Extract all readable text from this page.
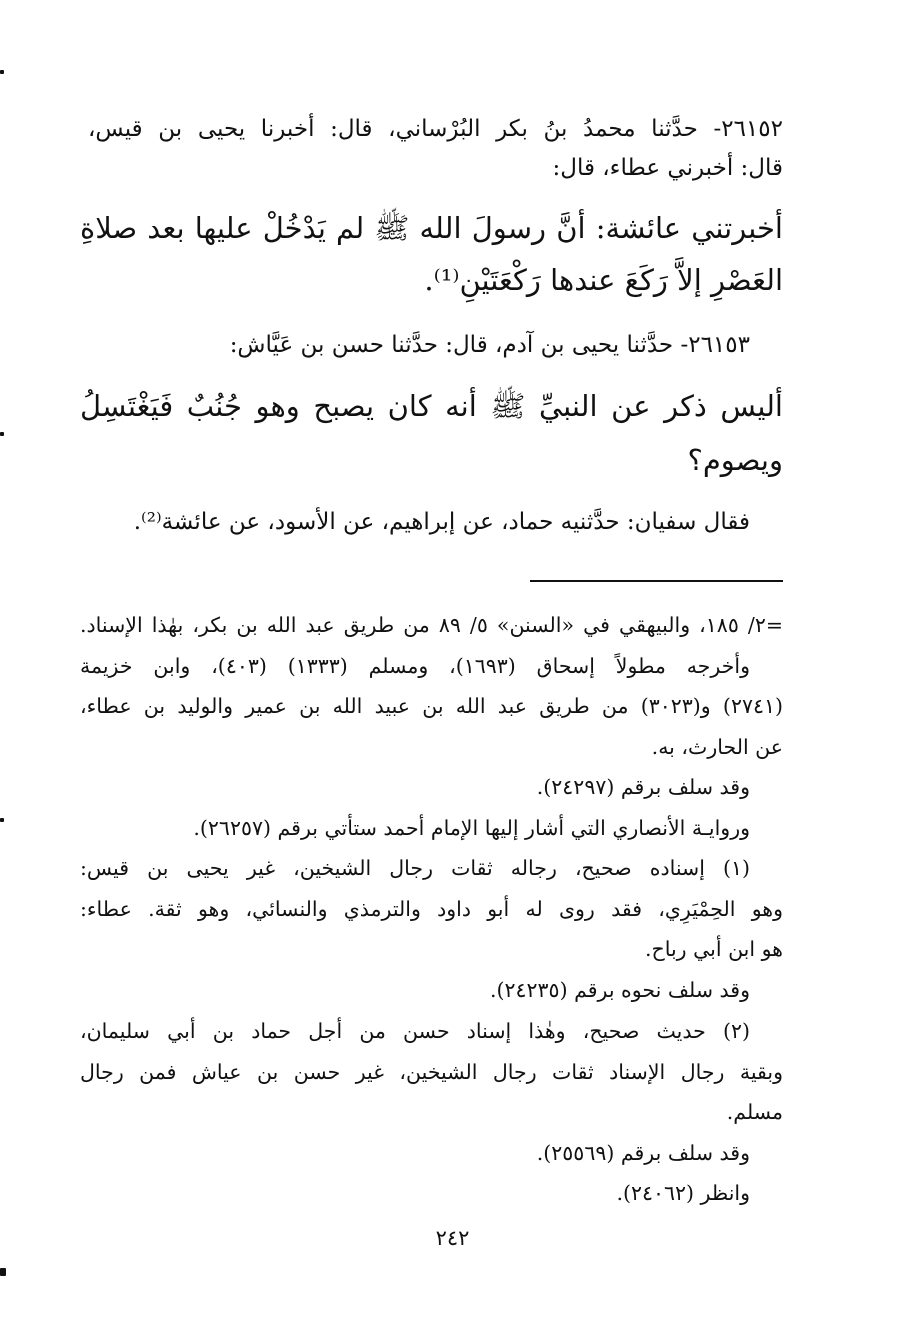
٢٦١٥٢- حدَّثنا محمدُ بنُ بكر البُرْساني، قال: أخبرنا يحيى بن قيس،
قال: أخبرني عطاء، قال:
أخبرتني عائشة: أنَّ رسولَ الله ﷺ لم يَدْخُلْ عليها بعد صلاةِ
العَصْرِ إلاَّ رَكَعَ عندها رَكْعَتَيْنِ⁽¹⁾.
٢٦١٥٣- حدَّثنا يحيى بن آدم، قال: حدَّثنا حسن بن عَيَّاش:
أليس ذكر عن النبيِّ ﷺ أنه كان يصبح وهو جُنُبٌ فَيَغْتَسِلُ
ويصوم؟
فقال سفيان: حدَّثنيه حماد، عن إبراهيم، عن الأسود، عن عائشة⁽²⁾.
=٢/ ١٨٥، والبيهقي في «السنن» ٥/ ٨٩ من طريق عبد الله بن بكر، بهٰذا الإسناد.
وأخرجه مطولاً إسحاق (١٦٩٣)، ومسلم (١٣٣٣) (٤٠٣)، وابن خزيمة
(٢٧٤١) و(٣٠٢٣) من طريق عبد الله بن عبيد الله بن عمير والوليد بن عطاء،
عن الحارث، به.
وقد سلف برقم (٢٤٢٩٧).
وروايـة الأنصاري التي أشار إليها الإمام أحمد ستأتي برقم (٢٦٢٥٧).
(١) إسناده صحيح، رجاله ثقات رجال الشيخين، غير يحيى بن قيس:
وهو الحِمْيَرِي، فقد روى له أبو داود والترمذي والنسائي، وهو ثقة. عطاء:
هو ابن أبي رباح.
وقد سلف نحوه برقم (٢٤٢٣٥).
(٢) حديث صحيح، وهٰذا إسناد حسن من أجل حماد بن أبي سليمان،
وبقية رجال الإسناد ثقات رجال الشيخين، غير حسن بن عياش فمن رجال
مسلم.
وقد سلف برقم (٢٥٥٦٩).
وانظر (٢٤٠٦٢).
٢٤٢
